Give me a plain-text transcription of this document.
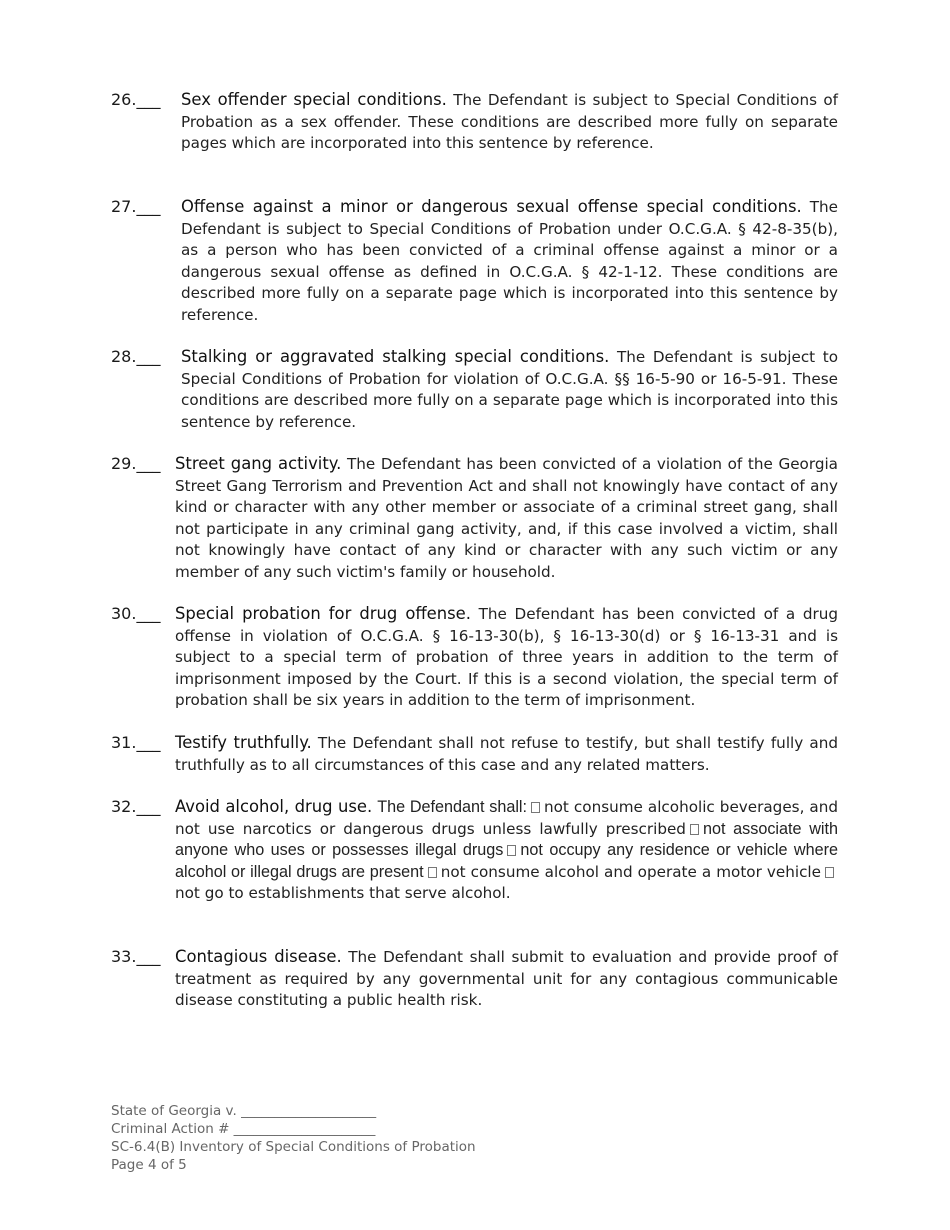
26.___ Sex offender special conditions. The Defendant is subject to Special Conditions of Probation as a sex offender. These conditions are described more fully on separate pages which are incorporated into this sentence by reference.
27.___ Offense against a minor or dangerous sexual offense special conditions. The Defendant is subject to Special Conditions of Probation under O.C.G.A. § 42-8-35(b), as a person who has been convicted of a criminal offense against a minor or a dangerous sexual offense as defined in O.C.G.A. § 42-1-12. These conditions are described more fully on a separate page which is incorporated into this sentence by reference.
28.___ Stalking or aggravated stalking special conditions. The Defendant is subject to Special Conditions of Probation for violation of O.C.G.A. §§ 16-5-90 or 16-5-91. These conditions are described more fully on a separate page which is incorporated into this sentence by reference.
29.___ Street gang activity. The Defendant has been convicted of a violation of the Georgia Street Gang Terrorism and Prevention Act and shall not knowingly have contact of any kind or character with any other member or associate of a criminal street gang, shall not participate in any criminal gang activity, and, if this case involved a victim, shall not knowingly have contact of any kind or character with any such victim or any member of any such victim's family or household.
30.___ Special probation for drug offense. The Defendant has been convicted of a drug offense in violation of O.C.G.A. § 16-13-30(b), § 16-13-30(d) or § 16-13-31 and is subject to a special term of probation of three years in addition to the term of imprisonment imposed by the Court. If this is a second violation, the special term of probation shall be six years in addition to the term of imprisonment.
31.___ Testify truthfully. The Defendant shall not refuse to testify, but shall testify fully and truthfully as to all circumstances of this case and any related matters.
32.___ Avoid alcohol, drug use. The Defendant shall: not consume alcoholic beverages, and not use narcotics or dangerous drugs unless lawfully prescribed not associate with anyone who uses or possesses illegal drugs not occupy any residence or vehicle where alcohol or illegal drugs are present not consume alcohol and operate a motor vehiclenot go to establishments that serve alcohol.
33.___ Contagious disease. The Defendant shall submit to evaluation and provide proof of treatment as required by any governmental unit for any contagious communicable disease constituting a public health risk.
State of Georgia v. ____________________
Criminal Action # _____________________
SC-6.4(B) Inventory of Special Conditions of Probation
Page 4 of 5
